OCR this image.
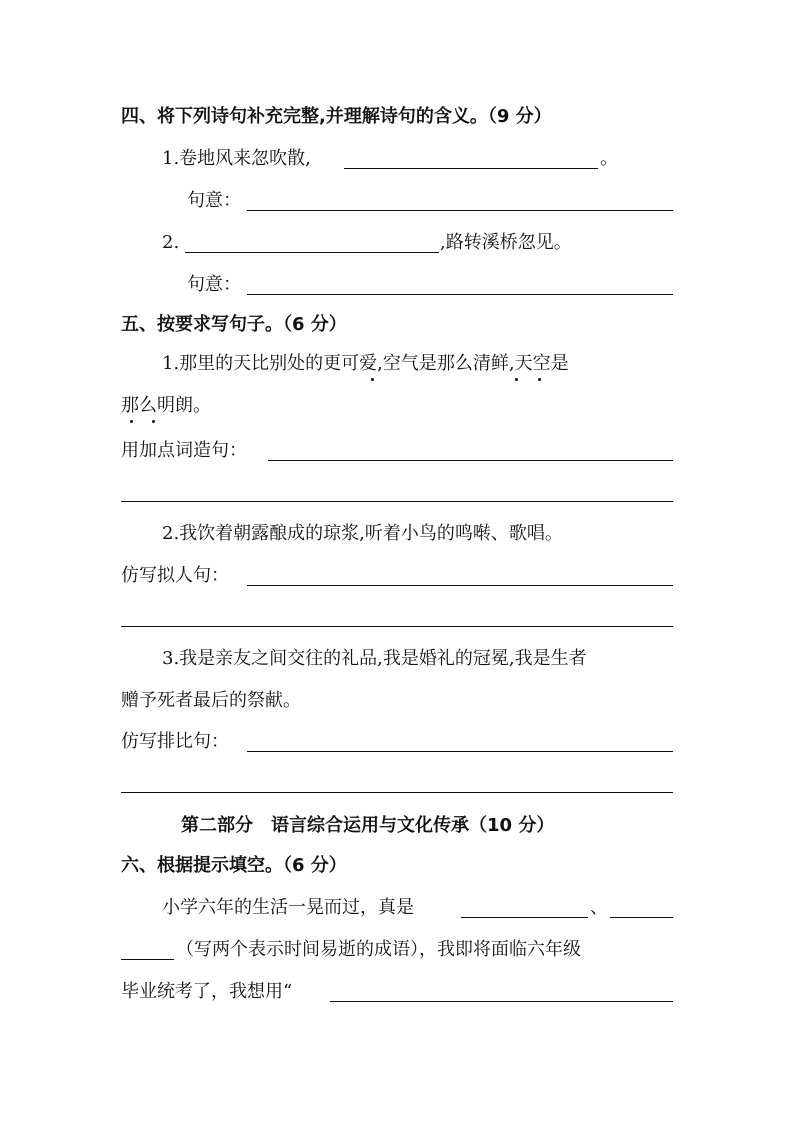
四、将下列诗句补充完整,并理解诗句的含义。（9 分）
1.卷地风来忽吹散,	。
句意：
2.	,路转溪桥忽见。
句意：
五、按要求写句子。（6 分）
1.那里的天比别处的更可爱,空气是那么清鲜,天空是
那么明朗。
用加点词造句：
2.我饮着朝露酿成的琼浆,听着小鸟的鸣啭、歌唱。
仿写拟人句：
3.我是亲友之间交往的礼品,我是婚礼的冠冕,我是生者
赠予死者最后的祭献。
仿写排比句：
第二部分　语言综合运用与文化传承（10 分）
六、根据提示填空。（6 分）
小学六年的生活一晃而过，真是	、
（写两个表示时间易逝的成语），我即将面临六年级
毕业统考了，我想用“
